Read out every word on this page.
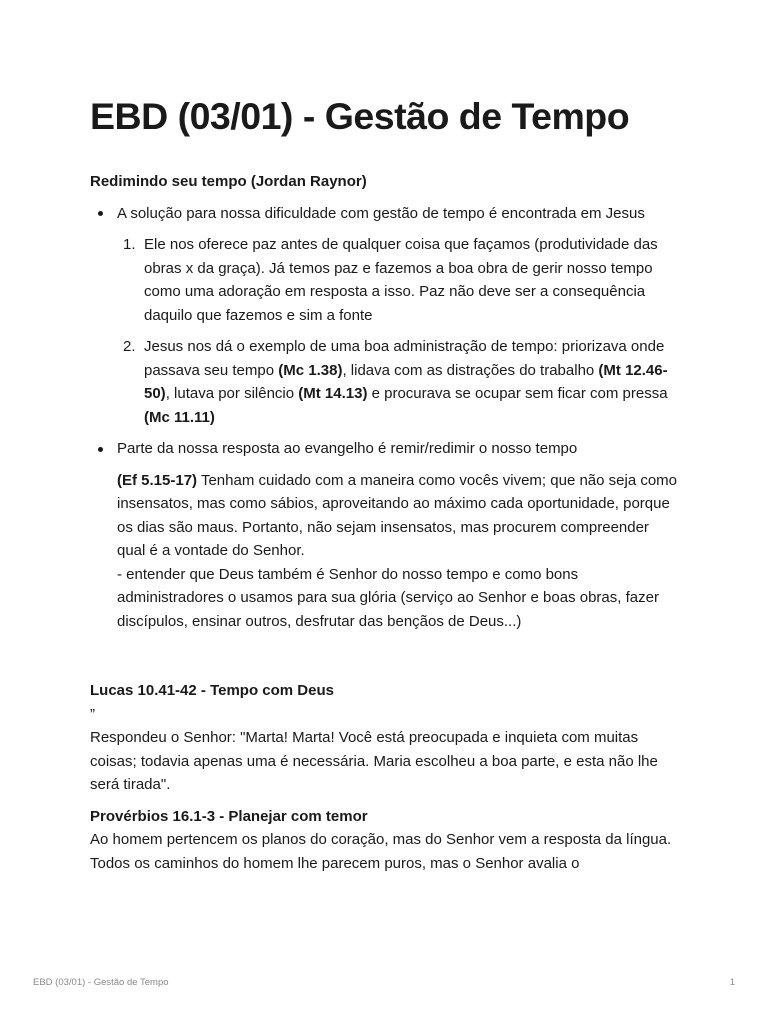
EBD (03/01) - Gestão de Tempo

Redimindo seu tempo (Jordan Raynor)

A solução para nossa dificuldade com gestão de tempo é encontrada em Jesus
1. Ele nos oferece paz antes de qualquer coisa que façamos (produtividade das obras x da graça). Já temos paz e fazemos a boa obra de gerir nosso tempo como uma adoração em resposta a isso. Paz não deve ser a consequência daquilo que fazemos e sim a fonte
2. Jesus nos dá o exemplo de uma boa administração de tempo: priorizava onde passava seu tempo (Mc 1.38), lidava com as distrações do trabalho (Mt 12.46-50), lutava por silêncio (Mt 14.13) e procurava se ocupar sem ficar com pressa (Mc 11.11)
Parte da nossa resposta ao evangelho é remir/redimir o nosso tempo
(Ef 5.15-17) Tenham cuidado com a maneira como vocês vivem; que não seja como insensatos, mas como sábios, aproveitando ao máximo cada oportunidade, porque os dias são maus. Portanto, não sejam insensatos, mas procurem compreender qual é a vontade do Senhor.
- entender que Deus também é Senhor do nosso tempo e como bons administradores o usamos para sua glória (serviço ao Senhor e boas obras, fazer discípulos, ensinar outros, desfrutar das bençãos de Deus...)

Lucas 10.41-42 - Tempo com Deus

”

Respondeu o Senhor: "Marta! Marta! Você está preocupada e inquieta com muitas coisas; todavia apenas uma é necessária. Maria escolheu a boa parte, e esta não lhe será tirada".

Provérbios 16.1-3 - Planejar com temor

Ao homem pertencem os planos do coração, mas do Senhor vem a resposta da língua. Todos os caminhos do homem lhe parecem puros, mas o Senhor avalia o

EBD (03/01) - Gestão de Tempo	1
